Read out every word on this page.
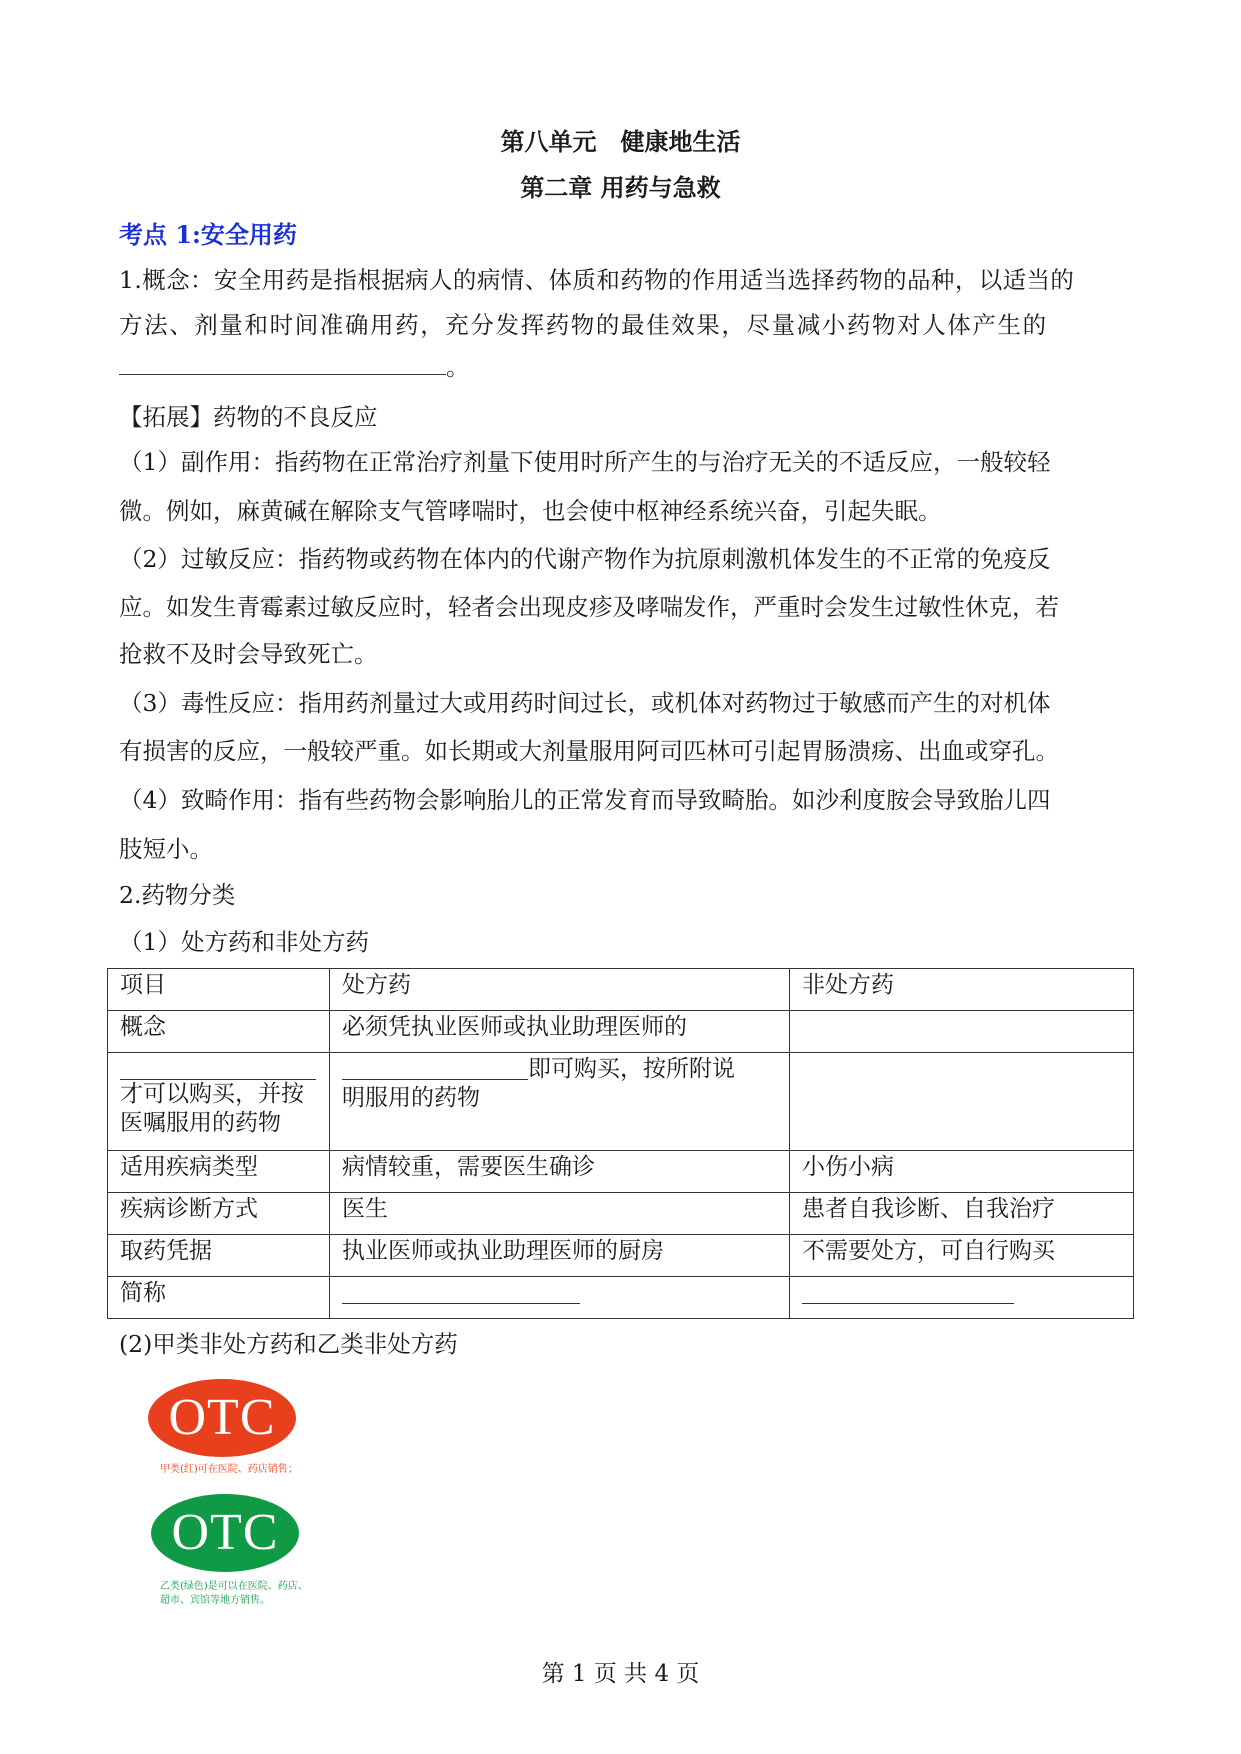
第八单元　健康地生活
第二章 用药与急救
考点 1:安全用药
1.概念：安全用药是指根据病人的病情、体质和药物的作用适当选择药物的品种，以适当的
方法、剂量和时间准确用药，充分发挥药物的最佳效果，尽量减小药物对人体产生的
。
【拓展】药物的不良反应
（1）副作用：指药物在正常治疗剂量下使用时所产生的与治疗无关的不适反应，一般较轻
微。例如，麻黄碱在解除支气管哮喘时，也会使中枢神经系统兴奋，引起失眠。
（2）过敏反应：指药物或药物在体内的代谢产物作为抗原刺激机体发生的不正常的免疫反
应。如发生青霉素过敏反应时，轻者会出现皮疹及哮喘发作，严重时会发生过敏性休克，若
抢救不及时会导致死亡。
（3）毒性反应：指用药剂量过大或用药时间过长，或机体对药物过于敏感而产生的对机体
有损害的反应，一般较严重。如长期或大剂量服用阿司匹林可引起胃肠溃疡、出血或穿孔。
（4）致畸作用：指有些药物会影响胎儿的正常发育而导致畸胎。如沙利度胺会导致胎儿四
肢短小。
2.药物分类
（1）处方药和非处方药
项目	处方药	非处方药
概念	必须凭执业医师或执业助理医师的	

才可以购买，并按医嘱服用的药物	即可购买，按所附说
明服用的药物	
适用疾病类型	病情较重，需要医生确诊	小伤小病
疾病诊断方式	医生	患者自我诊断、自我治疗
取药凭据	执业医师或执业助理医师的厨房	不需要处方，可自行购买
简称		
(2)甲类非处方药和乙类非处方药
OTC
甲类(红)可在医院、药店销售；
OTC
乙类(绿色)是可以在医院、药店、
超市、宾馆等地方销售。
第 1 页 共 4 页
